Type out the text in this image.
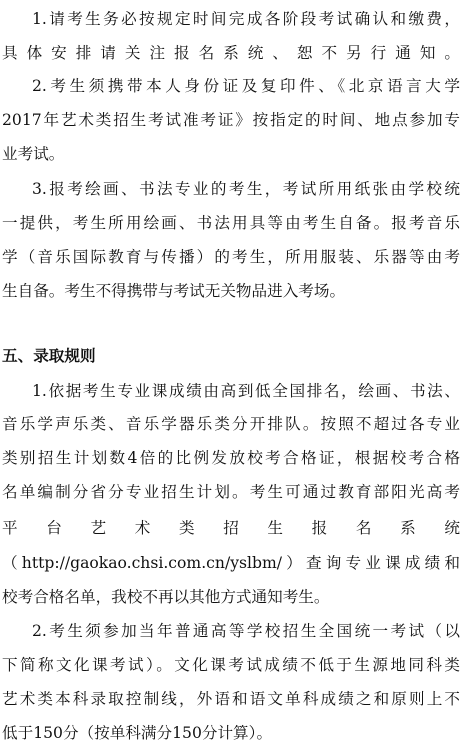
1.请考生务必按规定时间完成各阶段考试确认和缴费，
具体安排请关注报名系统、恕不另行通知。
2.考生须携带本人身份证及复印件、《北京语言大学
2017年艺术类招生考试准考证》按指定的时间、地点参加专
业考试。
3.报考绘画、书法专业的考生，考试所用纸张由学校统
一提供，考生所用绘画、书法用具等由考生自备。报考音乐
学（音乐国际教育与传播）的考生，所用服装、乐器等由考
生自备。考生不得携带与考试无关物品进入考场。
五、录取规则
1.依据考生专业课成绩由高到低全国排名，绘画、书法、
音乐学声乐类、音乐学器乐类分开排队。按照不超过各专业
类别招生计划数4倍的比例发放校考合格证，根据校考合格
名单编制分省分专业招生计划。考生可通过教育部阳光高考
平台艺术类招生报名系统
（http://gaokao.chsi.com.cn/yslbm/）查询专业课成绩和
校考合格名单，我校不再以其他方式通知考生。
2.考生须参加当年普通高等学校招生全国统一考试（以
下简称文化课考试）。文化课考试成绩不低于生源地同科类
艺术类本科录取控制线，外语和语文单科成绩之和原则上不
低于150分（按单科满分150分计算）。
